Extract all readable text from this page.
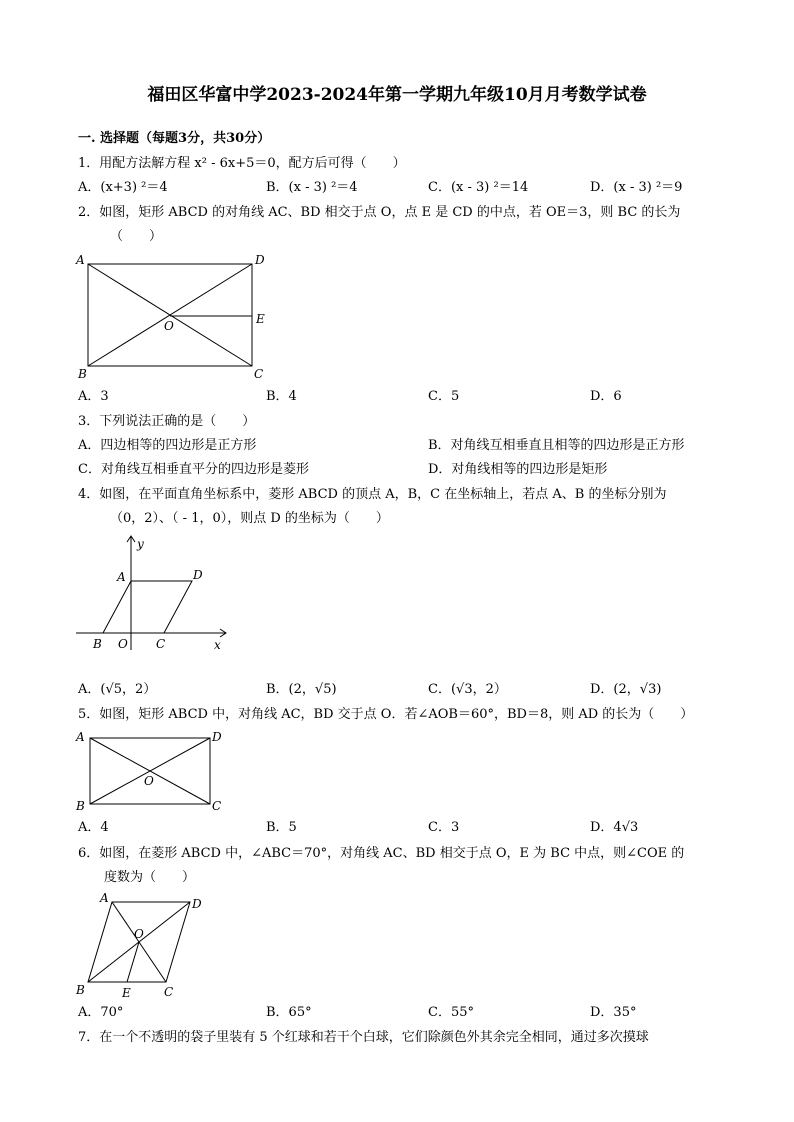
福田区华富中学2023-2024年第一学期九年级10月月考数学试卷
一. 选择题（每题3分，共30分）
1．用配方法解方程 x² - 6x+5＝0，配方后可得（　　）
A．(x+3) ²＝4	B．(x - 3) ²＝4	C．(x - 3) ²＝14	D．(x - 3) ²＝9
2．如图，矩形 ABCD 的对角线 AC、BD 相交于点 O，点 E 是 CD 的中点，若 OE＝3，则 BC 的长为
（　　）
A	D
O	E
B	C
A．3	B．4	C．5	D．6
3．下列说法正确的是（　　）
A．四边相等的四边形是正方形	B．对角线互相垂直且相等的四边形是正方形
C．对角线互相垂直平分的四边形是菱形	D．对角线相等的四边形是矩形
4．如图，在平面直角坐标系中，菱形 ABCD 的顶点 A，B，C 在坐标轴上，若点 A、B 的坐标分别为
（0，2）、（ - 1，0），则点 D 的坐标为（　　）
y
x
A	D
B O C
A．(√5，2）	B．(2，√5)	C．(√3，2）	D．(2，√3)
5．如图，矩形 ABCD 中，对角线 AC，BD 交于点 O．若∠AOB＝60°，BD＝8，则 AD 的长为（　　）
A	D
O
B	C
A．4	B．5	C．3	D．4√3
6．如图，在菱形 ABCD 中，∠ABC＝70°，对角线 AC、BD 相交于点 O，E 为 BC 中点，则∠COE 的
度数为（　　）
A	D
O
B	E	C
A．70°	B．65°	C．55°	D．35°
7．在一个不透明的袋子里装有 5 个红球和若干个白球，它们除颜色外其余完全相同，通过多次摸球
